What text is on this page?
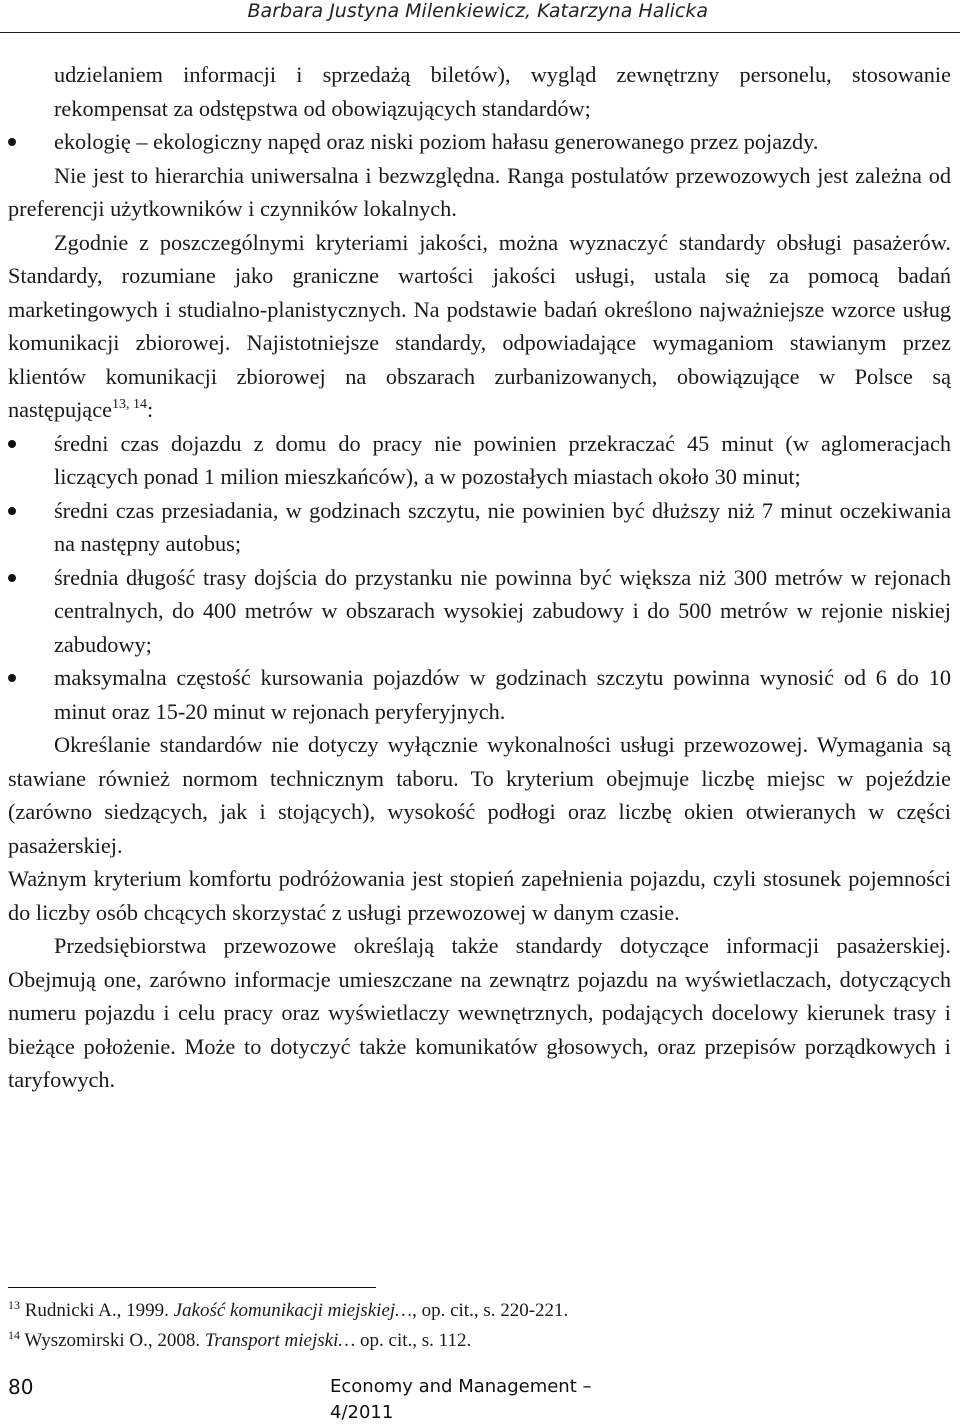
Barbara Justyna Milenkiewicz, Katarzyna Halicka

udzielaniem informacji i sprzedażą biletów), wygląd zewnętrzny personelu, stosowanie rekompensat za odstępstwa od obowiązujących standardów;

ekologię – ekologiczny napęd oraz niski poziom hałasu generowanego przez pojazdy.

Nie jest to hierarchia uniwersalna i bezwzględna. Ranga postulatów przewozowych jest zależna od preferencji użytkowników i czynników lokalnych.

Zgodnie z poszczególnymi kryteriami jakości, można wyznaczyć standardy obsługi pasażerów. Standardy, rozumiane jako graniczne wartości jakości usługi, ustala się za pomocą badań marketingowych i studialno-planistycznych. Na podstawie badań określono najważniejsze wzorce usług komunikacji zbiorowej. Najistotniejsze standardy, odpowiadające wymaganiom stawianym przez klientów komunikacji zbiorowej na obszarach zurbanizowanych, obowiązujące w Polsce są następujące$^{13, 14}$:

średni czas dojazdu z domu do pracy nie powinien przekraczać 45 minut (w aglomeracjach liczących ponad 1 milion mieszkańców), a w pozostałych miastach około 30 minut;
średni czas przesiadania, w godzinach szczytu, nie powinien być dłuższy niż 7 minut oczekiwania na następny autobus;
średnia długość trasy dojścia do przystanku nie powinna być większa niż 300 metrów w rejonach centralnych, do 400 metrów w obszarach wysokiej zabudowy i do 500 metrów w rejonie niskiej zabudowy;
maksymalna częstość kursowania pojazdów w godzinach szczytu powinna wynosić od 6 do 10 minut oraz 15-20 minut w rejonach peryferyjnych.

Określanie standardów nie dotyczy wyłącznie wykonalności usługi przewozowej. Wymagania są stawiane również normom technicznym taboru. To kryterium obejmuje liczbę miejsc w pojeździe (zarówno siedzących, jak i stojących), wysokość podłogi oraz liczbę okien otwieranych w części pasażerskiej.

Ważnym kryterium komfortu podróżowania jest stopień zapełnienia pojazdu, czyli stosunek pojemności do liczby osób chcących skorzystać z usługi przewozowej w danym czasie.

Przedsiębiorstwa przewozowe określają także standardy dotyczące informacji pasażerskiej. Obejmują one, zarówno informacje umieszczane na zewnątrz pojazdu na wyświetlaczach, dotyczących numeru pojazdu i celu pracy oraz wyświetlaczy wewnętrznych, podających docelowy kierunek trasy i bieżące położenie. Może to dotyczyć także komunikatów głosowych, oraz przepisów porządkowych i taryfowych.

$^{13}$ Rudnicki A., 1999. Jakość komunikacji miejskiej…, op. cit., s. 220-221.
$^{14}$ Wyszomirski O., 2008. Transport miejski… op. cit., s. 112.
80	Economy and Management – 4/2011
